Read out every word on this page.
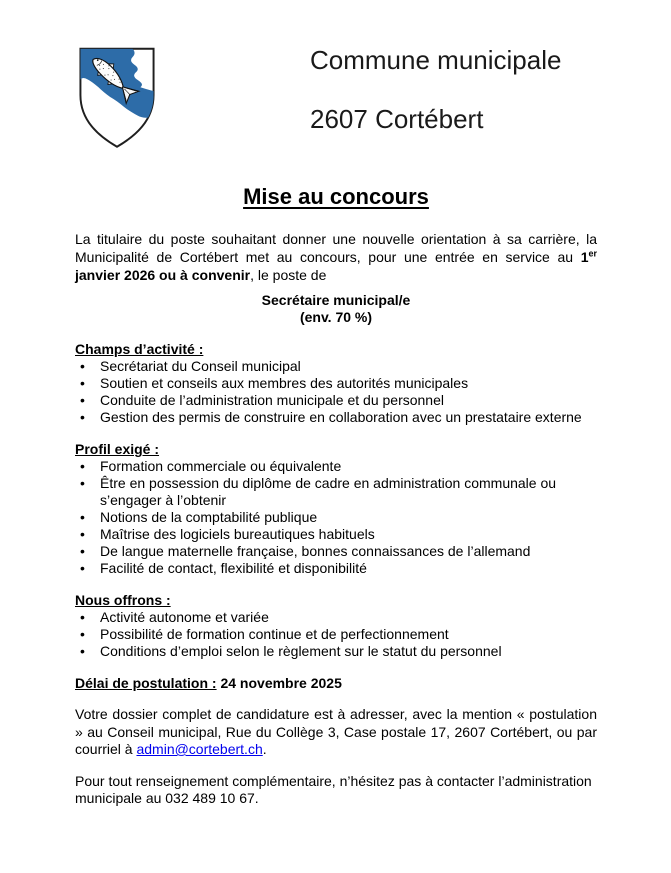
Commune municipale
2607 Cortébert
Mise au concours

La titulaire du poste souhaitant donner une nouvelle orientation à sa carrière, la Municipalité de Cortébert met au concours, pour une entrée en service au 1er janvier 2026 ou à convenir, le poste de

Secrétaire municipal/e
(env. 70 %)

Champs d’activité :

• Secrétariat du Conseil municipal
• Soutien et conseils aux membres des autorités municipales
• Conduite de l’administration municipale et du personnel
• Gestion des permis de construire en collaboration avec un prestataire externe

Profil exigé :

• Formation commerciale ou équivalente
• Être en possession du diplôme de cadre en administration communale ou s’engager à l’obtenir
• Notions de la comptabilité publique
• Maîtrise des logiciels bureautiques habituels
• De langue maternelle française, bonnes connaissances de l’allemand
• Facilité de contact, flexibilité et disponibilité

Nous offrons :

• Activité autonome et variée
• Possibilité de formation continue et de perfectionnement
• Conditions d’emploi selon le règlement sur le statut du personnel

Délai de postulation : 24 novembre 2025

Votre dossier complet de candidature est à adresser, avec la mention « postulation » au Conseil municipal, Rue du Collège 3, Case postale 17, 2607 Cortébert, ou par courriel à admin@cortebert.ch.

Pour tout renseignement complémentaire, n’hésitez pas à contacter l’administration municipale au 032 489 10 67.
